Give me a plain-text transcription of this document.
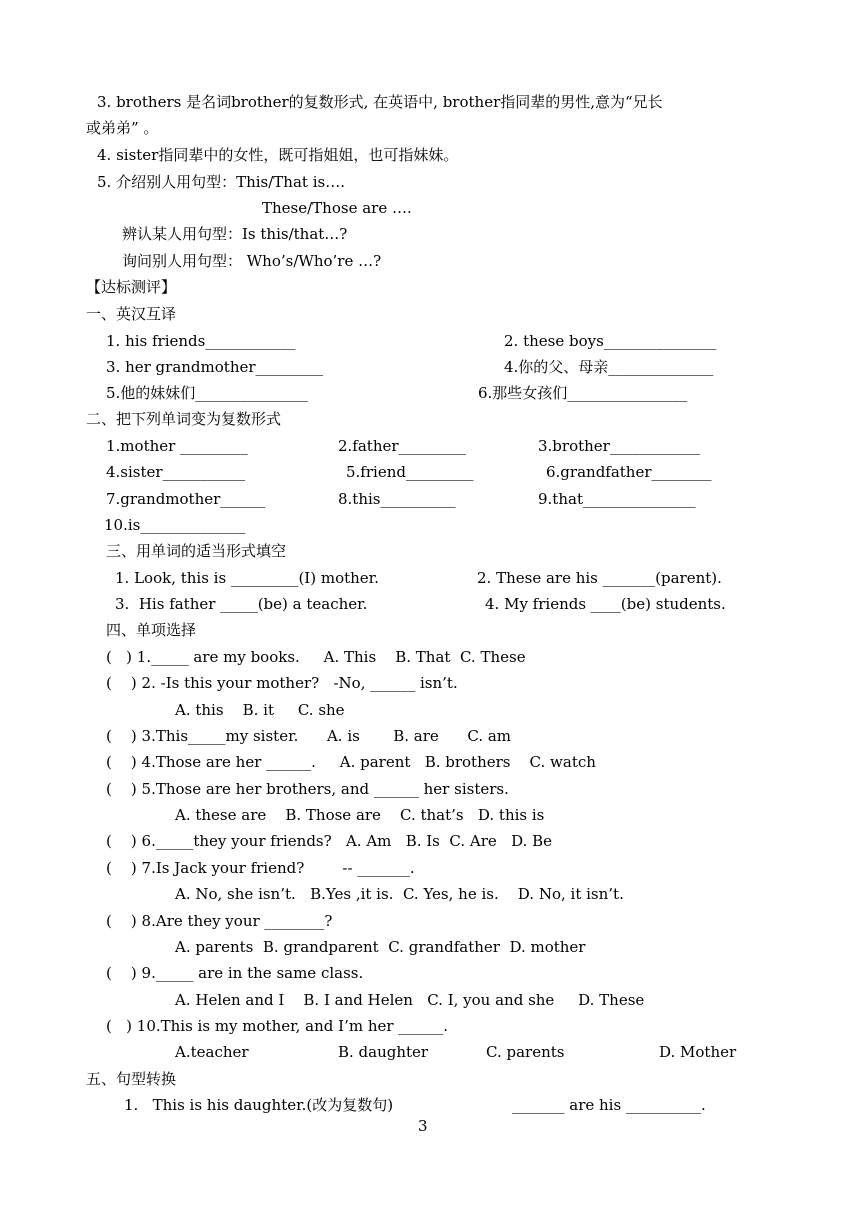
3. brothers 是名词brother的复数形式, 在英语中, brother指同辈的男性,意为“兄长
或弟弟” 。
4. sister指同辈中的女性，既可指姐姐，也可指妹妹。
5. 介绍别人用句型：This/That is….
These/Those are ….
辨认某人用句型：Is this/that…?
询问别人用句型： Who’s/Who’re …?
【达标测评】
一、英汉互译
1. his friends____________	2. these boys_______________
3. her grandmother_________	4.你的父、母亲______________
5.他的妹妹们_______________	6.那些女孩们________________
二、把下列单词变为复数形式
1.mother _________	2.father_________	3.brother____________
4.sister___________	5.friend_________	6.grandfather________
7.grandmother______	8.this__________	9.that_______________
10.is______________
三、用单词的适当形式填空
1. Look, this is _________(I) mother.	2. These are his _______(parent).
3.  His father _____(be) a teacher.	4. My friends ____(be) students.
四、单项选择
(   ) 1._____ are my books.     A. This    B. That  C. These
(    ) 2. -Is this your mother?   -No, ______ isn’t.
A. this    B. it     C. she
(    ) 3.This_____my sister.      A. is       B. are      C. am
(    ) 4.Those are her ______.     A. parent   B. brothers    C. watch
(    ) 5.Those are her brothers, and ______ her sisters.
A. these are    B. Those are    C. that’s   D. this is
(    ) 6._____they your friends?   A. Am   B. Is  C. Are   D. Be
(    ) 7.Is Jack your friend?        -- _______.
A. No, she isn’t.   B.Yes ,it is.  C. Yes, he is.    D. No, it isn’t.
(    ) 8.Are they your ________?
A. parents  B. grandparent  C. grandfather  D. mother
(    ) 9._____ are in the same class.
A. Helen and I    B. I and Helen   C. I, you and she     D. These
(   ) 10.This is my mother, and I’m her ______.
A.teacher	B. daughter	C. parents	D. Mother
五、句型转换
1.   This is his daughter.(改为复数句)	_______ are his __________.
3
